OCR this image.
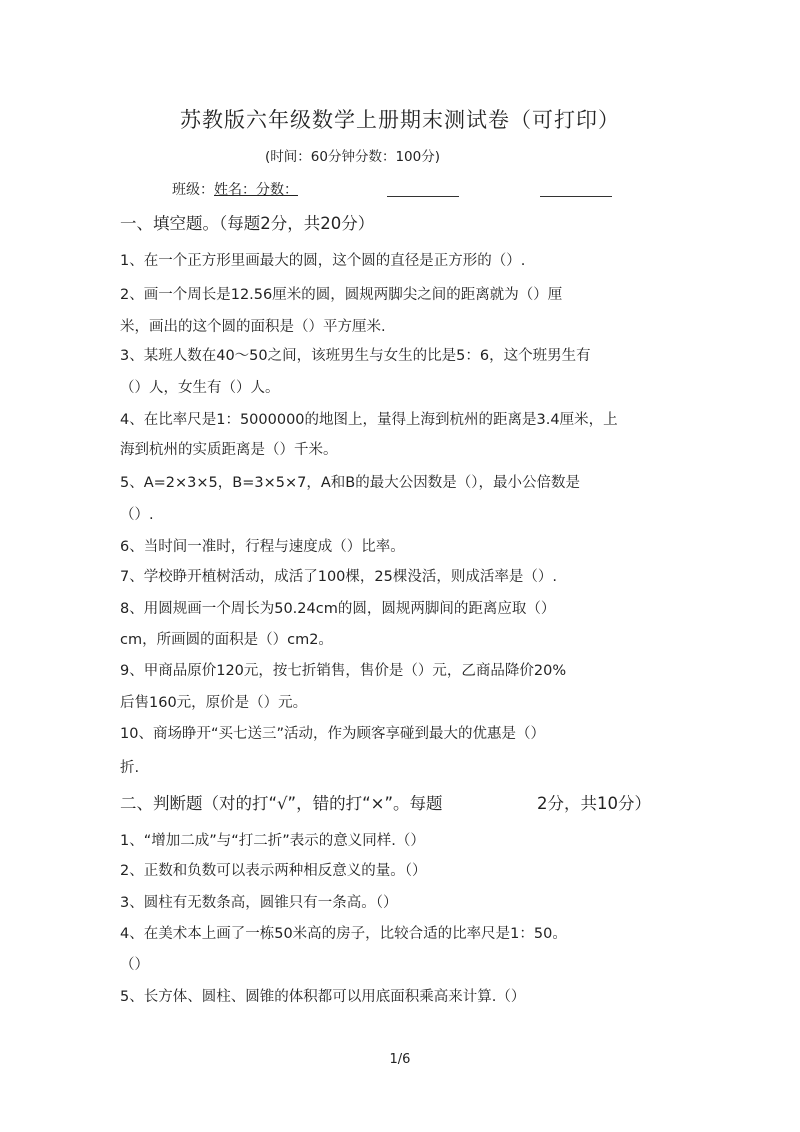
苏教版六年级数学上册期末测试卷（可打印）
(时间：60分钟分数：100分)
班级：姓名：分数：
一、填空题。（每题2分，共20分）
1、在一个正方形里画最大的圆，这个圆的直径是正方形的（）.
2、画一个周长是12.56厘米的圆，圆规两脚尖之间的距离就为（）厘
米，画出的这个圆的面积是（）平方厘米.
3、某班人数在40～50之间，该班男生与女生的比是5：6，这个班男生有
（）人，女生有（）人。
4、在比率尺是1：5000000的地图上，量得上海到杭州的距离是3.4厘米，上
海到杭州的实质距离是（）千米。
5、A=2×3×5，B=3×5×7，A和B的最大公因数是（），最小公倍数是
（）.
6、当时间一准时，行程与速度成（）比率。
7、学校睁开植树活动，成活了100棵，25棵没活，则成活率是（）.
8、用圆规画一个周长为50.24cm的圆，圆规两脚间的距离应取（）
cm，所画圆的面积是（）cm2。
9、甲商品原价120元，按七折销售，售价是（）元，乙商品降价20%
后售160元，原价是（）元。
10、商场睁开“买七送三”活动，作为顾客享碰到最大的优惠是（）
折.
二、判断题（对的打“√”，错的打“×”。每题	2分，共10分）
1、“增加二成”与“打二折”表示的意义同样.（）
2、正数和负数可以表示两种相反意义的量。（）
3、圆柱有无数条高，圆锥只有一条高。（）
4、在美术本上画了一栋50米高的房子，比较合适的比率尺是1：50。
（）
5、长方体、圆柱、圆锥的体积都可以用底面积乘高来计算.（）
1/6
